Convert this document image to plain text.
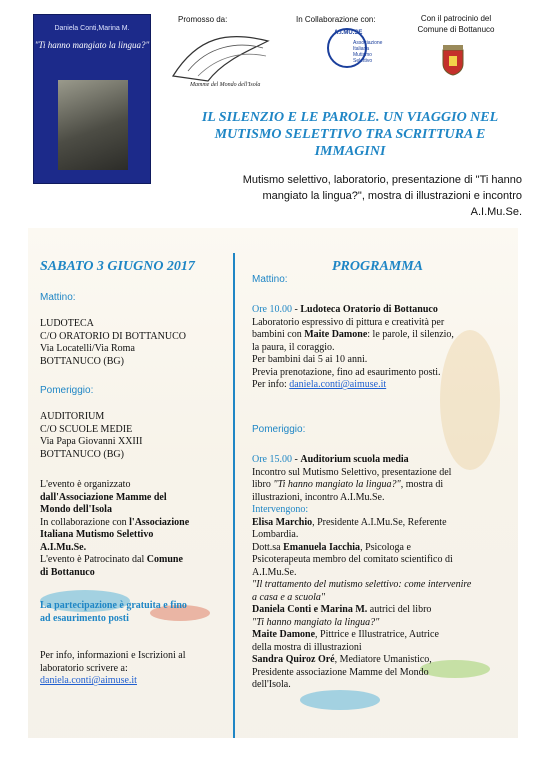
Daniela Conti,Marina M.
"Ti hanno mangiato la lingua?"
Promosso da:
Mamme del Mondo dell'Isola
In Collaborazione con:
A.I.MU.SE
Associazione Italiana Mutismo Selettivo
Con il patrocinio del Comune di Bottanuco
IL SILENZIO E LE PAROLE. UN VIAGGIO NEL MUTISMO SELETTIVO TRA SCRITTURA E IMMAGINI
Mutismo selettivo, laboratorio, presentazione di "Ti hanno mangiato la lingua?", mostra di illustrazioni e incontro A.I.Mu.Se.
SABATO 3 GIUGNO 2017
Mattino:
LUDOTECA
C/O ORATORIO DI BOTTANUCO
Via Locatelli/Via Roma
BOTTANUCO (BG)
Pomeriggio:
AUDITORIUM
C/O SCUOLE MEDIE
Via Papa Giovanni XXIII
BOTTANUCO (BG)
L'evento è organizzato
dall'Associazione Mamme del
Mondo dell'Isola
In collaborazione con l'Associazione
Italiana Mutismo Selettivo
A.I.Mu.Se.
L'evento è Patrocinato dal Comune
di Bottanuco
La partecipazione è gratuita e fino
ad esaurimento posti
Per info, informazioni e Iscrizioni al
laboratorio scrivere a:
daniela.conti@aimuse.it
PROGRAMMA
Mattino:
Ore 10.00 - Ludoteca Oratorio di Bottanuco
Laboratorio espressivo di pittura e creatività per
bambini con Maite Damone: le parole, il silenzio,
la paura, il coraggio.
Per bambini dai 5 ai 10 anni.
Previa prenotazione, fino ad esaurimento posti.
Per info: daniela.conti@aimuse.it
Pomeriggio:
Ore 15.00 - Auditorium scuola media
Incontro sul Mutismo Selettivo, presentazione del
libro "Ti hanno mangiato la lingua?", mostra di
illustrazioni, incontro A.I.Mu.Se.
Intervengono:
Elisa Marchio, Presidente A.I.Mu.Se, Referente
Lombardia.
Dott.sa Emanuela Iacchia, Psicologa e
Psicoterapeuta membro del comitato scientifico di
A.I.Mu.Se.
"Il trattamento del mutismo selettivo: come intervenire
a casa e a scuola"
Daniela Conti e Marina M. autrici del libro
"Ti hanno mangiato la lingua?"
Maite Damone, Pittrice e Illustratrice, Autrice
della mostra di illustrazioni
Sandra Quiroz Oré, Mediatore Umanistico,
Presidente associazione Mamme del Mondo
dell'Isola.
